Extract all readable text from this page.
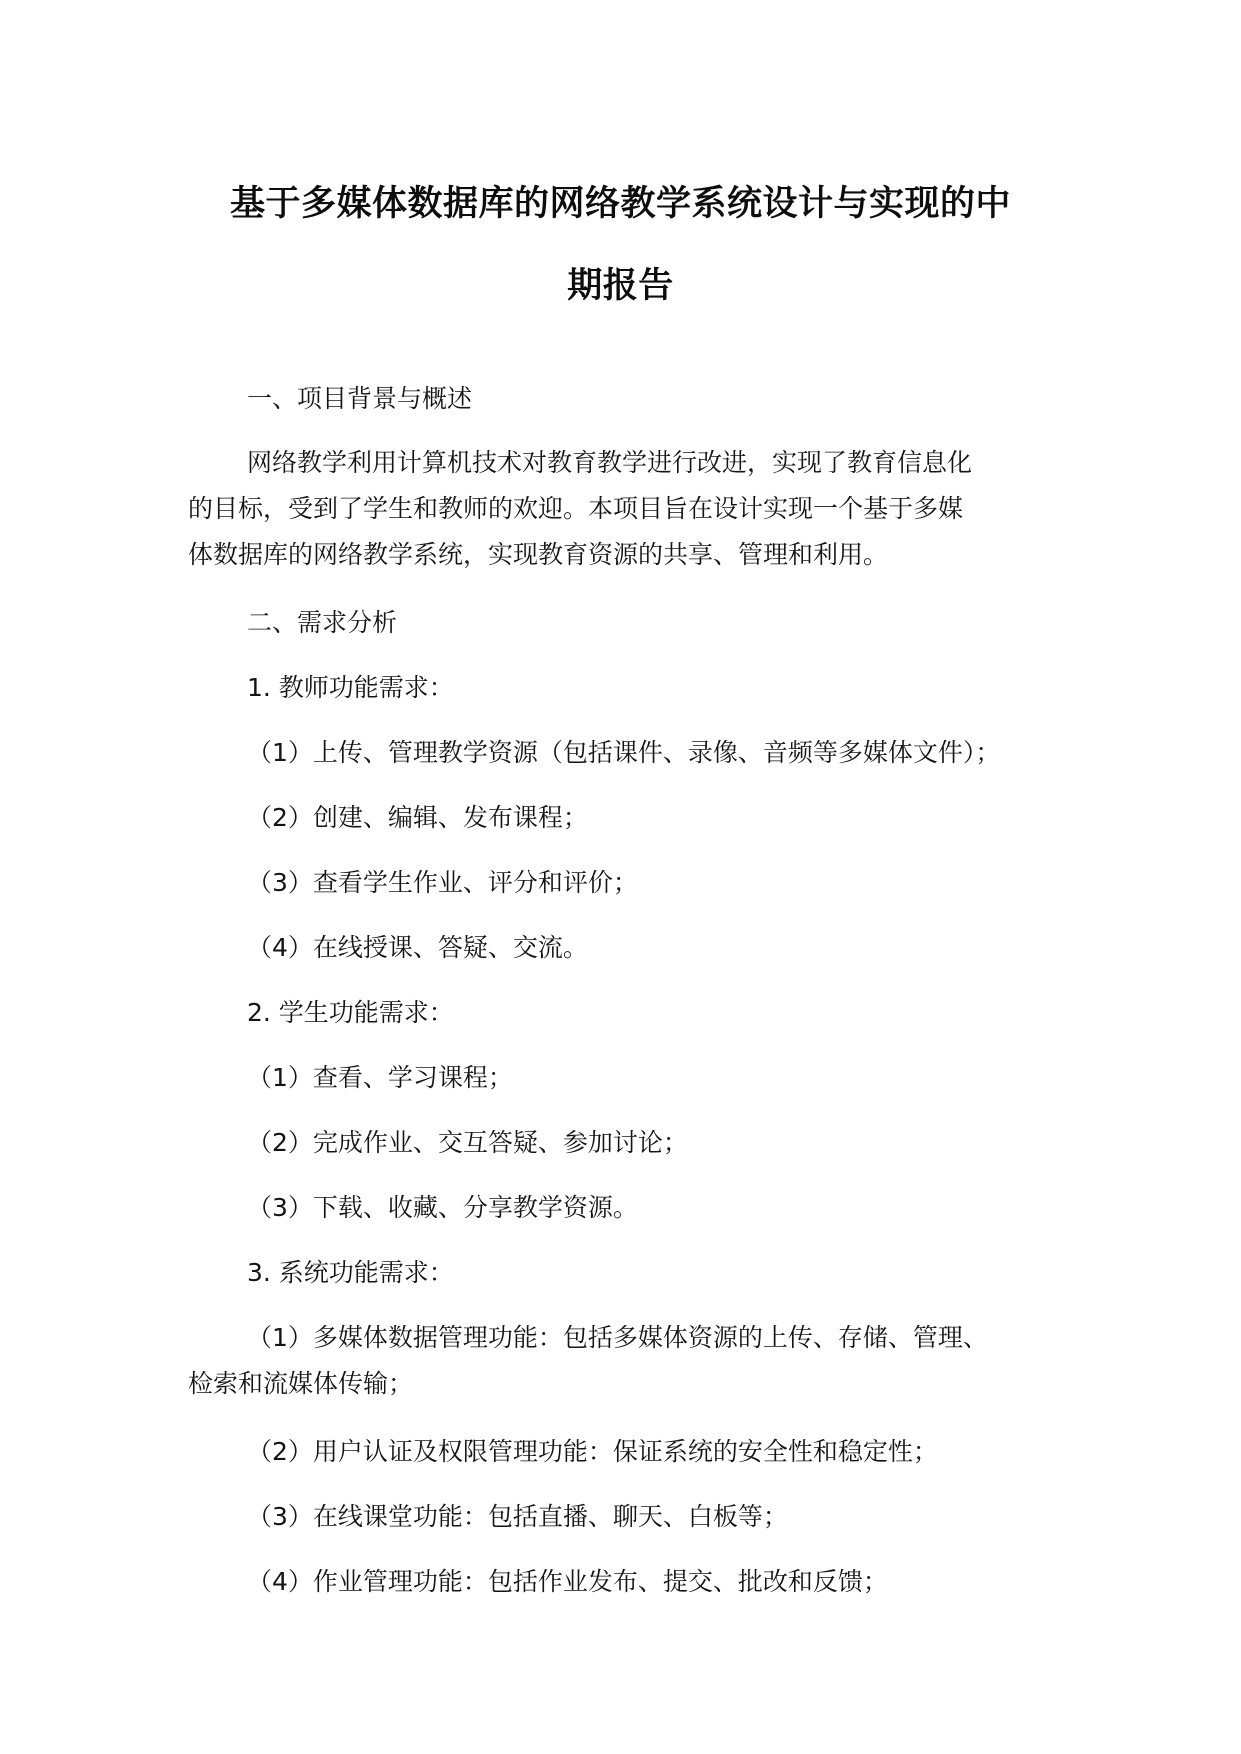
基于多媒体数据库的网络教学系统设计与实现的中
期报告
一、项目背景与概述
网络教学利用计算机技术对教育教学进行改进，实现了教育信息化
的目标，受到了学生和教师的欢迎。本项目旨在设计实现一个基于多媒
体数据库的网络教学系统，实现教育资源的共享、管理和利用。
二、需求分析
1. 教师功能需求：
（1）上传、管理教学资源（包括课件、录像、音频等多媒体文件）；
（2）创建、编辑、发布课程；
（3）查看学生作业、评分和评价；
（4）在线授课、答疑、交流。
2. 学生功能需求：
（1）查看、学习课程；
（2）完成作业、交互答疑、参加讨论；
（3）下载、收藏、分享教学资源。
3. 系统功能需求：
（1）多媒体数据管理功能：包括多媒体资源的上传、存储、管理、
检索和流媒体传输；
（2）用户认证及权限管理功能：保证系统的安全性和稳定性；
（3）在线课堂功能：包括直播、聊天、白板等；
（4）作业管理功能：包括作业发布、提交、批改和反馈；
